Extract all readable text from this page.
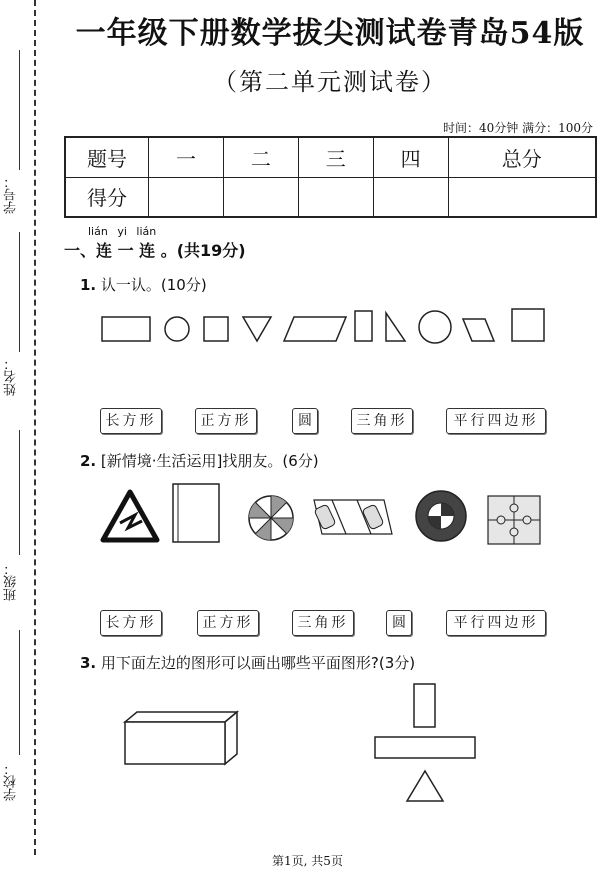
学号：
姓名：
班级：
学校：
一年级下册数学拔尖测试卷青岛54版
（第二单元测试卷）
时间：40分钟 满分：100分
题号	一	二	三	四	总分
得分					
lián yi lián
一、连 一 连 。(共19分)
1. 认一认。(10分)
长方形	正方形	圆	三角形	平行四边形
2. [新情境·生活运用]找朋友。(6分)
长方形	正方形	三角形	圆	平行四边形
3. 用下面左边的图形可以画出哪些平面图形?(3分)
第1页, 共5页
